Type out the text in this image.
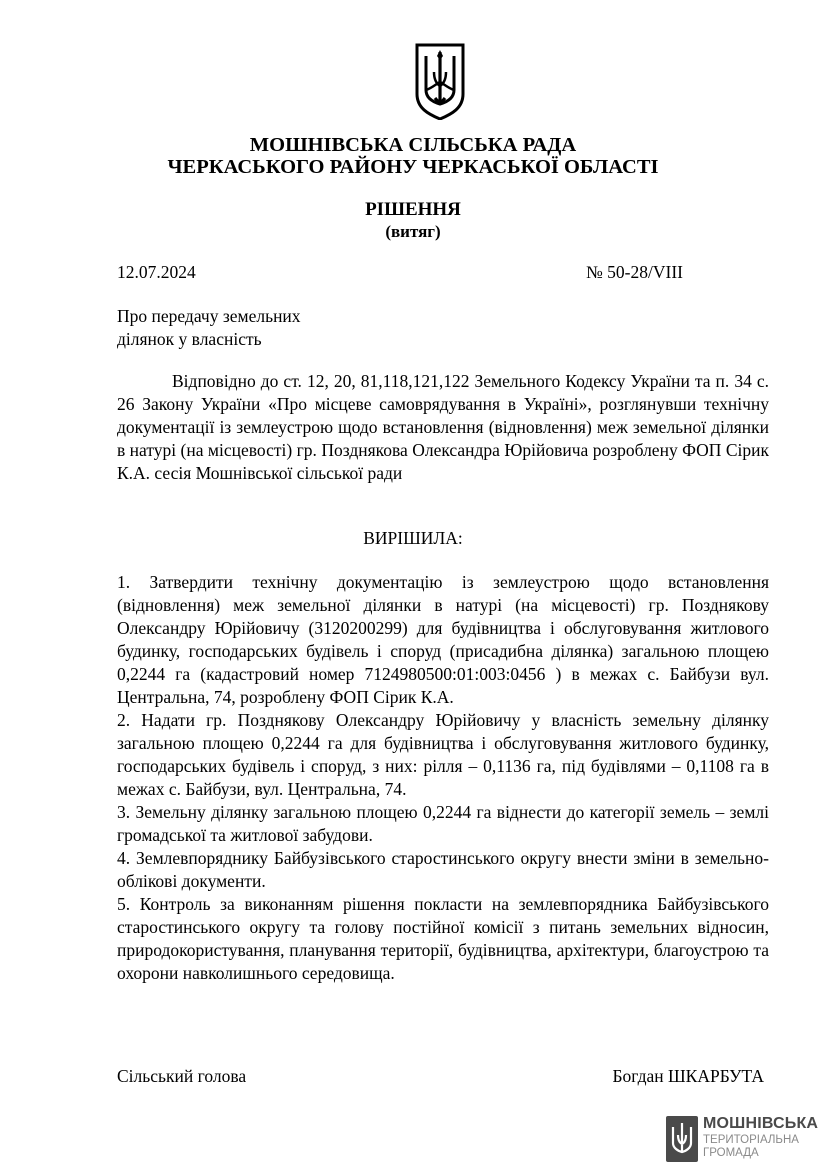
МОШНІВСЬКА СІЛЬСЬКА РАДА
ЧЕРКАСЬКОГО РАЙОНУ ЧЕРКАСЬКОЇ ОБЛАСТІ
РІШЕННЯ
(витяг)
12.07.2024	№ 50-28/VIII
Про передачу земельних
ділянок у власність

Відповідно до ст. 12, 20, 81,118,121,122 Земельного Кодексу України та п. 34 с. 26 Закону України «Про місцеве самоврядування в Україні», розглянувши технічну документації із землеустрою щодо встановлення (відновлення) меж земельної ділянки в натурі (на місцевості) гр. Позднякова Олександра Юрійовича розроблену ФОП Сірик К.А. сесія Мошнівської сільської ради

ВИРІШИЛА:

1. Затвердити технічну документацію із землеустрою щодо встановлення (відновлення) меж земельної ділянки в натурі (на місцевості) гр. Позднякову Олександру Юрійовичу (3120200299) для будівництва і обслуговування житлового будинку, господарських будівель і споруд (присадибна ділянка) загальною площею 0,2244 га (кадастровий номер 7124980500:01:003:0456 ) в межах с. Байбузи вул. Центральна, 74, розроблену ФОП Сірик К.А.

2. Надати гр. Позднякову Олександру Юрійовичу у власність земельну ділянку загальною площею 0,2244 га для будівництва і обслуговування житлового будинку, господарських будівель і споруд, з них: рілля – 0,1136 га, під будівлями – 0,1108 га в межах с. Байбузи, вул. Центральна, 74.

3. Земельну ділянку загальною площею 0,2244 га віднести до категорії земель – землі громадської та житлової забудови.

4. Землевпоряднику Байбузівського старостинського округу внести зміни в земельно-облікові документи.

5. Контроль за виконанням рішення покласти на землевпорядника Байбузівського старостинського округу та голову постійної комісії з питань земельних відносин, природокористування, планування території, будівництва, архітектури, благоустрою та охорони навколишнього середовища.

Сільський голова	Богдан ШКАРБУТА
МОШНІВСЬКА
ТЕРИТОРІАЛЬНА
ГРОМАДА
